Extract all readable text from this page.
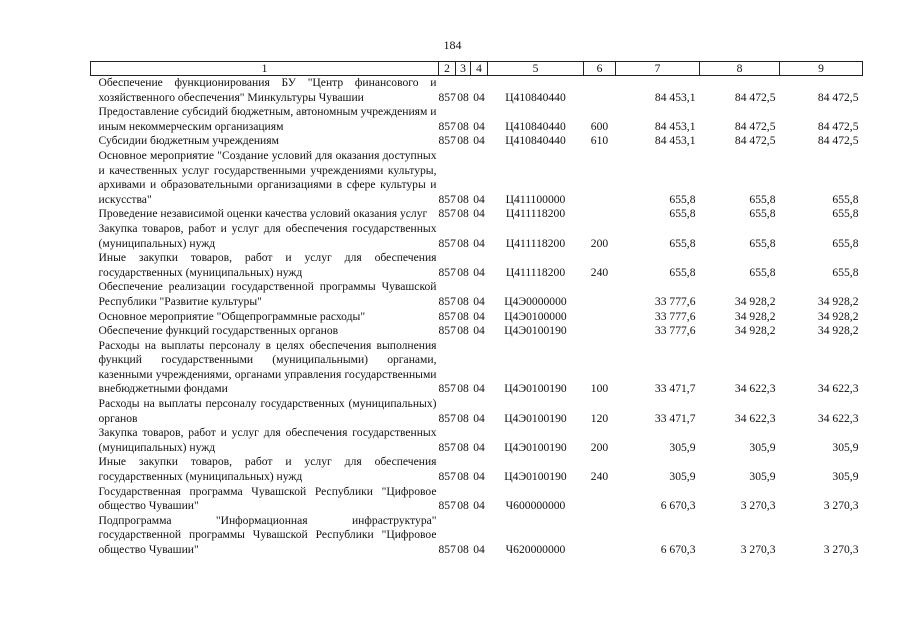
184
1	2	3	4	5	6	7	8	9
Обеспечение функционирования БУ "Центр финансового и хозяйственного обеспечения" Минкультуры Чувашии	857	08	04	Ц410840440		84 453,1	84 472,5	84 472,5
Предоставление субсидий бюджетным, автономным учреждениям и иным некоммерческим организациям	857	08	04	Ц410840440	600	84 453,1	84 472,5	84 472,5
Субсидии бюджетным учреждениям	857	08	04	Ц410840440	610	84 453,1	84 472,5	84 472,5
Основное мероприятие "Создание условий для оказания доступных и качественных услуг государственными учреждениями культуры, архивами и образовательными организациями в сфере культуры и искусства"	857	08	04	Ц411100000		655,8	655,8	655,8
Проведение независимой оценки качества условий оказания услуг	857	08	04	Ц411118200		655,8	655,8	655,8
Закупка товаров, работ и услуг для обеспечения государственных (муниципальных) нужд	857	08	04	Ц411118200	200	655,8	655,8	655,8
Иные закупки товаров, работ и услуг для обеспечения государственных (муниципальных) нужд	857	08	04	Ц411118200	240	655,8	655,8	655,8
Обеспечение реализации государственной программы Чувашской Республики "Развитие культуры"	857	08	04	Ц4Э0000000		33 777,6	34 928,2	34 928,2
Основное мероприятие "Общепрограммные расходы"	857	08	04	Ц4Э0100000		33 777,6	34 928,2	34 928,2
Обеспечение функций государственных органов	857	08	04	Ц4Э0100190		33 777,6	34 928,2	34 928,2
Расходы на выплаты персоналу в целях обеспечения выполнения функций государственными (муниципальными) органами, казенными учреждениями, органами управления государственными внебюджетными фондами	857	08	04	Ц4Э0100190	100	33 471,7	34 622,3	34 622,3
Расходы на выплаты персоналу государственных (муниципальных) органов	857	08	04	Ц4Э0100190	120	33 471,7	34 622,3	34 622,3
Закупка товаров, работ и услуг для обеспечения государственных (муниципальных) нужд	857	08	04	Ц4Э0100190	200	305,9	305,9	305,9
Иные закупки товаров, работ и услуг для обеспечения государственных (муниципальных) нужд	857	08	04	Ц4Э0100190	240	305,9	305,9	305,9
Государственная программа Чувашской Республики "Цифровое общество Чувашии"	857	08	04	Ч600000000		6 670,3	3 270,3	3 270,3
Подпрограмма "Информационная инфраструктура" государственной программы Чувашской Республики "Цифровое общество Чувашии"	857	08	04	Ч620000000		6 670,3	3 270,3	3 270,3
